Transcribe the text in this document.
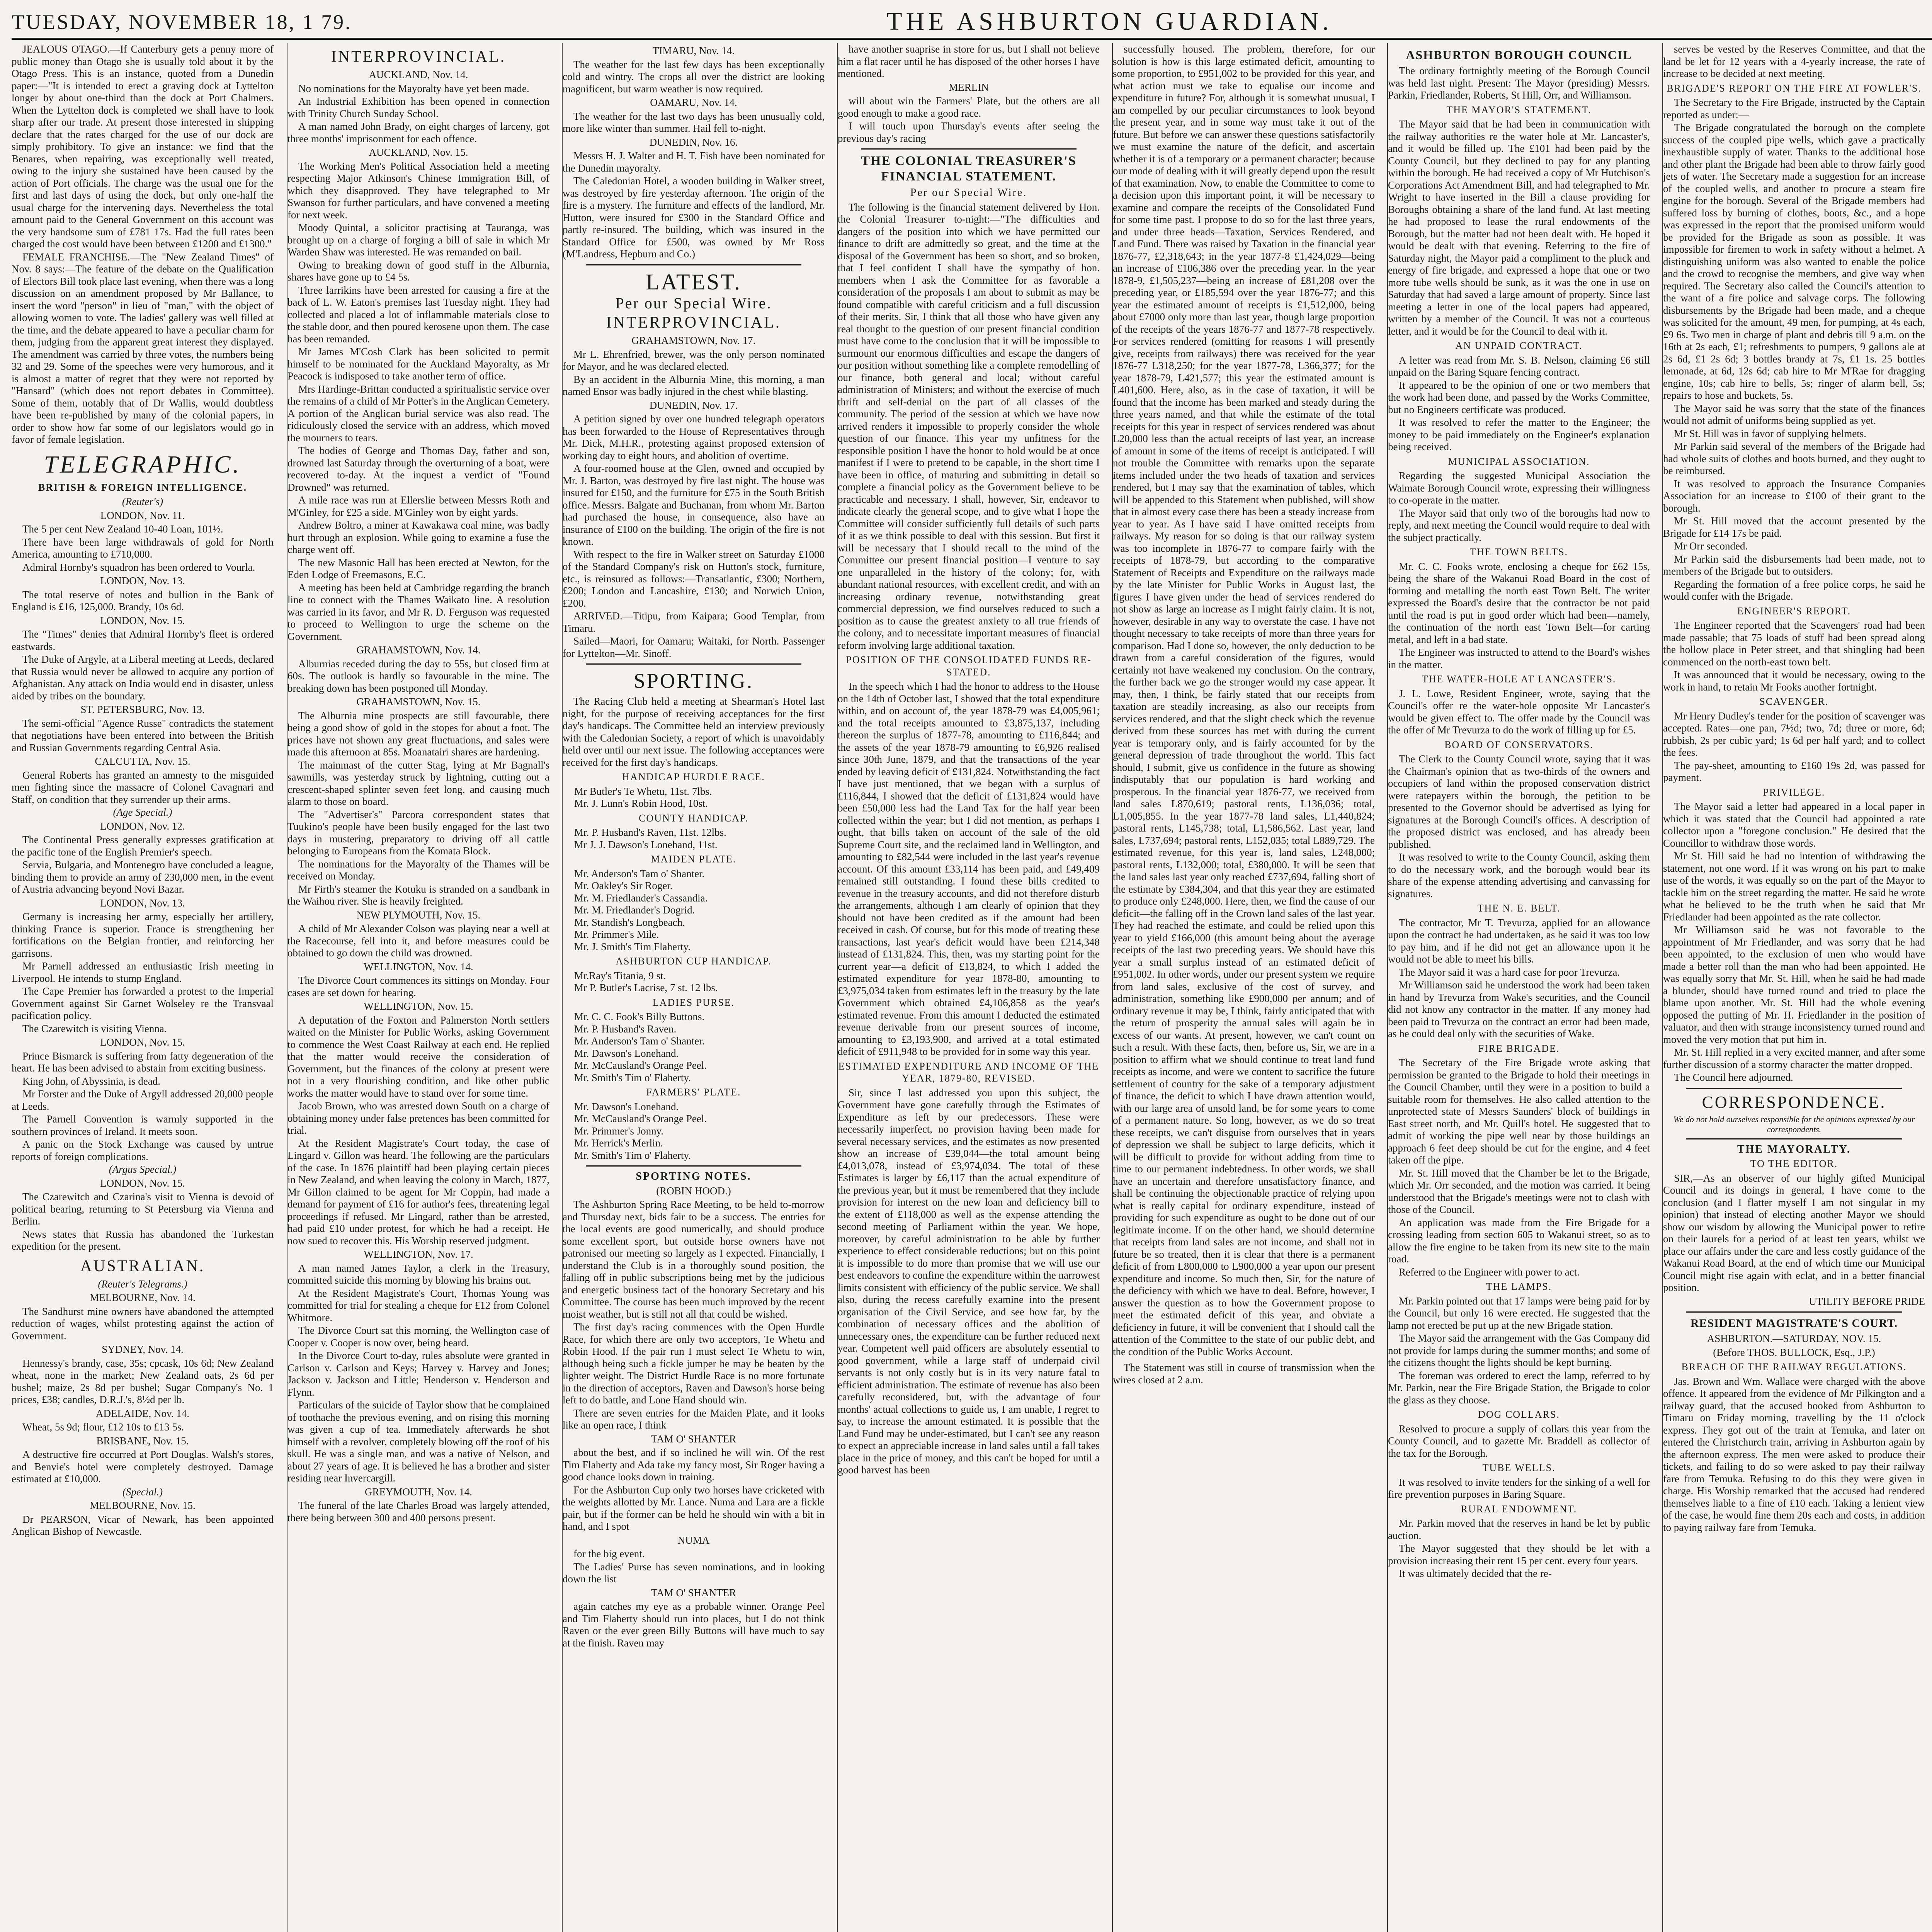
TUESDAY, NOVEMBER 18, 1 79.	THE ASHBURTON GUARDIAN.

JEALOUS OTAGO.—If Canterbury gets a penny more of public money than Otago she is usually told about it by the Otago Press. This is an instance, quoted from a Dunedin paper:—"It is intended to erect a graving dock at Lyttelton longer by about one-third than the dock at Port Chalmers. When the Lyttelton dock is completed we shall have to look sharp after our trade. At present those interested in shipping declare that the rates charged for the use of our dock are simply prohibitory. To give an instance: we find that the Benares, when repairing, was exceptionally well treated, owing to the injury she sustained have been caused by the action of Port officials. The charge was the usual one for the first and last days of using the dock, but only one-half the usual charge for the intervening days. Nevertheless the total amount paid to the General Government on this account was the very handsome sum of £781 17s. Had the full rates been charged the cost would have been between £1200 and £1300."

FEMALE FRANCHISE.—The "New Zealand Times" of Nov. 8 says:—The feature of the debate on the Qualification of Electors Bill took place last evening, when there was a long discussion on an amendment proposed by Mr Ballance, to insert the word "person" in lieu of "man," with the object of allowing women to vote. The ladies' gallery was well filled at the time, and the debate appeared to have a peculiar charm for them, judging from the apparent great interest they displayed. The amendment was carried by three votes, the numbers being 32 and 29. Some of the speeches were very humorous, and it is almost a matter of regret that they were not reported by "Hansard" (which does not report debates in Committee). Some of them, notably that of Dr Wallis, would doubtless have been re-published by many of the colonial papers, in order to show how far some of our legislators would go in favor of female legislation.

TELEGRAPHIC.
BRITISH & FOREIGN INTELLIGENCE.
(Reuter's)
LONDON, Nov. 11.

The 5 per cent New Zealand 10-40 Loan, 101½.

There have been large withdrawals of gold for North America, amounting to £710,000.

Admiral Hornby's squadron has been ordered to Vourla.

LONDON, Nov. 13.

The total reserve of notes and bullion in the Bank of England is £16, 125,000. Brandy, 10s 6d.

LONDON, Nov. 15.

The "Times" denies that Admiral Hornby's fleet is ordered eastwards.

The Duke of Argyle, at a Liberal meeting at Leeds, declared that Russia would never be allowed to acquire any portion of Afghanistan. Any attack on India would end in disaster, unless aided by tribes on the boundary.

ST. PETERSBURG, Nov. 13.

The semi-official "Agence Russe" contradicts the statement that negotiations have been entered into between the British and Russian Governments regarding Central Asia.

CALCUTTA, Nov. 15.

General Roberts has granted an amnesty to the misguided men fighting since the massacre of Colonel Cavagnari and Staff, on condition that they surrender up their arms.

(Age Special.)
LONDON, Nov. 12.

The Continental Press generally expresses gratification at the pacific tone of the English Premier's speech.

Servia, Bulgaria, and Montenegro have concluded a league, binding them to provide an army of 230,000 men, in the event of Austria advancing beyond Novi Bazar.

LONDON, Nov. 13.

Germany is increasing her army, especially her artillery, thinking France is superior. France is strengthening her fortifications on the Belgian frontier, and reinforcing her garrisons.

Mr Parnell addressed an enthusiastic Irish meeting in Liverpool. He intends to stump England.

The Cape Premier has forwarded a protest to the Imperial Government against Sir Garnet Wolseley re the Transvaal pacification policy.

The Czarewitch is visiting Vienna.

LONDON, Nov. 15.

Prince Bismarck is suffering from fatty degeneration of the heart. He has been advised to abstain from exciting business.

King John, of Abyssinia, is dead.

Mr Forster and the Duke of Argyll addressed 20,000 people at Leeds.

The Parnell Convention is warmly supported in the southern provinces of Ireland. It meets soon.

A panic on the Stock Exchange was caused by untrue reports of foreign complications.

(Argus Special.)
LONDON, Nov. 15.

The Czarewitch and Czarina's visit to Vienna is devoid of political bearing, returning to St Petersburg via Vienna and Berlin.

News states that Russia has abandoned the Turkestan expedition for the present.

AUSTRALIAN.
(Reuter's Telegrams.)
MELBOURNE, Nov. 14.

The Sandhurst mine owners have abandoned the attempted reduction of wages, whilst protesting against the action of Government.

SYDNEY, Nov. 14.

Hennessy's brandy, case, 35s; cpcask, 10s 6d; New Zealand wheat, none in the market; New Zealand oats, 2s 6d per bushel; maize, 2s 8d per bushel; Sugar Company's No. 1 prices, £38; candles, D.R.J.'s, 8½d per lb.

ADELAIDE, Nov. 14.

Wheat, 5s 9d; flour, £12 10s to £13 5s.

BRISBANE, Nov. 15.

A destructive fire occurred at Port Douglas. Walsh's stores, and Benvie's hotel were completely destroyed. Damage estimated at £10,000.

(Special.)
MELBOURNE, Nov. 15.

Dr PEARSON, Vicar of Newark, has been appointed Anglican Bishop of Newcastle.

INTERPROVINCIAL.
AUCKLAND, Nov. 14.

No nominations for the Mayoralty have yet been made.

An Industrial Exhibition has been opened in connection with Trinity Church Sunday School.

A man named John Brady, on eight charges of larceny, got three months' imprisonment for each offence.

AUCKLAND, Nov. 15.

The Working Men's Political Association held a meeting respecting Major Atkinson's Chinese Immigration Bill, of which they disapproved. They have telegraphed to Mr Swanson for further particulars, and have convened a meeting for next week.

Moody Quintal, a solicitor practising at Tauranga, was brought up on a charge of forging a bill of sale in which Mr Warden Shaw was interested. He was remanded on bail.

Owing to breaking down of good stuff in the Alburnia, shares have gone up to £4 5s.

Three larrikins have been arrested for causing a fire at the back of L. W. Eaton's premises last Tuesday night. They had collected and placed a lot of inflammable materials close to the stable door, and then poured kerosene upon them. The case has been remanded.

Mr James M'Cosh Clark has been solicited to permit himself to be nominated for the Auckland Mayoralty, as Mr Peacock is indisposed to take another term of office.

Mrs Hardinge-Brittan conducted a spiritualistic service over the remains of a child of Mr Potter's in the Anglican Cemetery. A portion of the Anglican burial service was also read. The ridiculously closed the service with an address, which moved the mourners to tears.

The bodies of George and Thomas Day, father and son, drowned last Saturday through the overturning of a boat, were recovered to-day. At the inquest a verdict of "Found Drowned" was returned.

A mile race was run at Ellerslie between Messrs Roth and M'Ginley, for £25 a side. M'Ginley won by eight yards.

Andrew Boltro, a miner at Kawakawa coal mine, was badly hurt through an explosion. While going to examine a fuse the charge went off.

The new Masonic Hall has been erected at Newton, for the Eden Lodge of Freemasons, E.C.

A meeting has been held at Cambridge regarding the branch line to connect with the Thames Waikato line. A resolution was carried in its favor, and Mr R. D. Ferguson was requested to proceed to Wellington to urge the scheme on the Government.

GRAHAMSTOWN, Nov. 14.

Alburnias receded during the day to 55s, but closed firm at 60s. The outlook is hardly so favourable in the mine. The breaking down has been postponed till Monday.

GRAHAMSTOWN, Nov. 15.

The Alburnia mine prospects are still favourable, there being a good show of gold in the stopes for about a foot. The prices have not shown any great fluctuations, and sales were made this afternoon at 85s. Moanatairi shares are hardening.

The mainmast of the cutter Stag, lying at Mr Bagnall's sawmills, was yesterday struck by lightning, cutting out a crescent-shaped splinter seven feet long, and causing much alarm to those on board.

The "Advertiser's" Parcora correspondent states that Tuukino's people have been busily engaged for the last two days in mustering, preparatory to driving off all cattle belonging to Europeans from the Komata Block.

The nominations for the Mayoralty of the Thames will be received on Monday.

Mr Firth's steamer the Kotuku is stranded on a sandbank in the Waihou river. She is heavily freighted.

NEW PLYMOUTH, Nov. 15.

A child of Mr Alexander Colson was playing near a well at the Racecourse, fell into it, and before measures could be obtained to go down the child was drowned.

WELLINGTON, Nov. 14.

The Divorce Court commences its sittings on Monday. Four cases are set down for hearing.

WELLINGTON, Nov. 15.

A deputation of the Foxton and Palmerston North settlers waited on the Minister for Public Works, asking Government to commence the West Coast Railway at each end. He replied that the matter would receive the consideration of Government, but the finances of the colony at present were not in a very flourishing condition, and like other public works the matter would have to stand over for some time.

Jacob Brown, who was arrested down South on a charge of obtaining money under false pretences has been committed for trial.

At the Resident Magistrate's Court today, the case of Lingard v. Gillon was heard. The following are the particulars of the case. In 1876 plaintiff had been playing certain pieces in New Zealand, and when leaving the colony in March, 1877, Mr Gillon claimed to be agent for Mr Coppin, had made a demand for payment of £16 for author's fees, threatening legal proceedings if refused. Mr Lingard, rather than be arrested, had paid £10 under protest, for which he had a receipt. He now sued to recover this. His Worship reserved judgment.

WELLINGTON, Nov. 17.

A man named James Taylor, a clerk in the Treasury, committed suicide this morning by blowing his brains out.

At the Resident Magistrate's Court, Thomas Young was committed for trial for stealing a cheque for £12 from Colonel Whitmore.

The Divorce Court sat this morning, the Wellington case of Cooper v. Cooper is now over, being heard.

In the Divorce Court to-day, rules absolute were granted in Carlson v. Carlson and Keys; Harvey v. Harvey and Jones; Jackson v. Jackson and Little; Henderson v. Henderson and Flynn.

Particulars of the suicide of Taylor show that he complained of toothache the previous evening, and on rising this morning was given a cup of tea. Immediately afterwards he shot himself with a revolver, completely blowing off the roof of his skull. He was a single man, and was a native of Nelson, and about 27 years of age. It is believed he has a brother and sister residing near Invercargill.

GREYMOUTH, Nov. 14.

The funeral of the late Charles Broad was largely attended, there being between 300 and 400 persons present.

TIMARU, Nov. 14.

The weather for the last few days has been exceptionally cold and wintry. The crops all over the district are looking magnificent, but warm weather is now required.

OAMARU, Nov. 14.

The weather for the last two days has been unusually cold, more like winter than summer. Hail fell to-night.

DUNEDIN, Nov. 16.

Messrs H. J. Walter and H. T. Fish have been nominated for the Dunedin mayoralty.

The Caledonian Hotel, a wooden building in Walker street, was destroyed by fire yesterday afternoon. The origin of the fire is a mystery. The furniture and effects of the landlord, Mr. Hutton, were insured for £300 in the Standard Office and partly re-insured. The building, which was insured in the Standard Office for £500, was owned by Mr Ross (M'Landress, Hepburn and Co.)

LATEST.
Per our Special Wire.
INTERPROVINCIAL.
GRAHAMSTOWN, Nov. 17.

Mr L. Ehrenfried, brewer, was the only person nominated for Mayor, and he was declared elected.

By an accident in the Alburnia Mine, this morning, a man named Ensor was badly injured in the chest while blasting.

DUNEDIN, Nov. 17.

A petition signed by over one hundred telegraph operators has been forwarded to the House of Representatives through Mr. Dick, M.H.R., protesting against proposed extension of working day to eight hours, and abolition of overtime.

A four-roomed house at the Glen, owned and occupied by Mr. J. Barton, was destroyed by fire last night. The house was insured for £150, and the furniture for £75 in the South British office. Messrs. Balgate and Buchanan, from whom Mr. Barton had purchased the house, in consequence, also have an insurance of £100 on the building. The origin of the fire is not known.

With respect to the fire in Walker street on Saturday £1000 of the Standard Company's risk on Hutton's stock, furniture, etc., is reinsured as follows:—Transatlantic, £300; Northern, £200; London and Lancashire, £130; and Norwich Union, £200.

ARRIVED.—Titipu, from Kaipara; Good Templar, from Timaru.

Sailed—Maori, for Oamaru; Waitaki, for North. Passenger for Lyttelton—Mr. Sinoff.

SPORTING.

The Racing Club held a meeting at Shearman's Hotel last night, for the purpose of receiving acceptances for the first day's handicaps. The Committee held an interview previously with the Caledonian Society, a report of which is unavoidably held over until our next issue. The following acceptances were received for the first day's handicaps.

HANDICAP HURDLE RACE.
Mr Butler's Te Whetu, 11st. 7lbs.
Mr. J. Lunn's Robin Hood, 10st.
COUNTY HANDICAP.
Mr. P. Husband's Raven, 11st. 12lbs.
Mr J. J. Dawson's Lonehand, 11st.
MAIDEN PLATE.
Mr. Anderson's Tam o' Shanter.
Mr. Oakley's Sir Roger.
Mr. M. Friedlander's Cassandia.
Mr. M. Friedlander's Dogrid.
Mr. Standish's Longbeach.
Mr. Primmer's Mile.
Mr. J. Smith's Tim Flaherty.
ASHBURTON CUP HANDICAP.
Mr.Ray's Titania, 9 st.
Mr P. Butler's Lacrise, 7 st. 12 lbs.
LADIES PURSE.
Mr. C. C. Fook's Billy Buttons.
Mr. P. Husband's Raven.
Mr. Anderson's Tam o' Shanter.
Mr. Dawson's Lonehand.
Mr. McCausland's Orange Peel.
Mr. Smith's Tim o' Flaherty.
FARMERS' PLATE.
Mr. Dawson's Lonehand.
Mr. McCausland's Orange Peel.
Mr. Primmer's Jonny.
Mr. Herrick's Merlin.
Mr. Smith's Tim o' Flaherty.
SPORTING NOTES.
(ROBIN HOOD.)

The Ashburton Spring Race Meeting, to be held to-morrow and Thursday next, bids fair to be a success. The entries for the local events are good numerically, and should produce some excellent sport, but outside horse owners have not patronised our meeting so largely as I expected. Financially, I understand the Club is in a thoroughly sound position, the falling off in public subscriptions being met by the judicious and energetic business tact of the honorary Secretary and his Committee. The course has been much improved by the recent moist weather, but is still not all that could be wished.

The first day's racing commences with the Open Hurdle Race, for which there are only two acceptors, Te Whetu and Robin Hood. If the pair run I must select Te Whetu to win, although being such a fickle jumper he may be beaten by the lighter weight. The District Hurdle Race is no more fortunate in the direction of acceptors, Raven and Dawson's horse being left to do battle, and Lone Hand should win.

There are seven entries for the Maiden Plate, and it looks like an open race, I think

TAM O' SHANTER

about the best, and if so inclined he will win. Of the rest Tim Flaherty and Ada take my fancy most, Sir Roger having a good chance looks down in training.

For the Ashburton Cup only two horses have cricketed with the weights allotted by Mr. Lance. Numa and Lara are a fickle pair, but if the former can be held he should win with a bit in hand, and I spot

NUMA

for the big event.

The Ladies' Purse has seven nominations, and in looking down the list

TAM O' SHANTER

again catches my eye as a probable winner. Orange Peel and Tim Flaherty should run into places, but I do not think Raven or the ever green Billy Buttons will have much to say at the finish. Raven may

have another suaprise in store for us, but I shall not believe him a flat racer until he has disposed of the other horses I have mentioned.

MERLIN

will about win the Farmers' Plate, but the others are all good enough to make a good race.

I will touch upon Thursday's events after seeing the previous day's racing

THE COLONIAL TREASURER'S FINANCIAL STATEMENT.
Per our Special Wire.

The following is the financial statement delivered by Hon. the Colonial Treasurer to-night:—"The difficulties and dangers of the position into which we have permitted our finance to drift are admittedly so great, and the time at the disposal of the Government has been so short, and so broken, that I feel confident I shall have the sympathy of hon. members when I ask the Committee for as favorable a consideration of the proposals I am about to submit as may be found compatible with careful criticism and a full discussion of their merits. Sir, I think that all those who have given any real thought to the question of our present financial condition must have come to the conclusion that it will be impossible to surmount our enormous difficulties and escape the dangers of our position without something like a complete remodelling of our finance, both general and local; without careful administration of Ministers; and without the exercise of much thrift and self-denial on the part of all classes of the community. The period of the session at which we have now arrived renders it impossible to properly consider the whole question of our finance. This year my unfitness for the responsible position I have the honor to hold would be at once manifest if I were to pretend to be capable, in the short time I have been in office, of maturing and submitting in detail so complete a financial policy as the Government believe to be practicable and necessary. I shall, however, Sir, endeavor to indicate clearly the general scope, and to give what I hope the Committee will consider sufficiently full details of such parts of it as we think possible to deal with this session. But first it will be necessary that I should recall to the mind of the Committee our present financial position—I venture to say one unparalleled in the history of the colony; for, with abundant national resources, with excellent credit, and with an increasing ordinary revenue, notwithstanding great commercial depression, we find ourselves reduced to such a position as to cause the greatest anxiety to all true friends of the colony, and to necessitate important measures of financial reform involving large additional taxation.

POSITION OF THE CONSOLIDATED FUNDS RE-STATED.

In the speech which I had the honor to address to the House on the 14th of October last, I showed that the total expenditure within, and on account of, the year 1878-79 was £4,005,961; and the total receipts amounted to £3,875,137, including thereon the surplus of 1877-78, amounting to £116,844; and the assets of the year 1878-79 amounting to £6,926 realised since 30th June, 1879, and that the transactions of the year ended by leaving deficit of £131,824. Notwithstanding the fact I have just mentioned, that we began with a surplus of £116,844, I showed that the deficit of £131,824 would have been £50,000 less had the Land Tax for the half year been collected within the year; but I did not mention, as perhaps I ought, that bills taken on account of the sale of the old Supreme Court site, and the reclaimed land in Wellington, and amounting to £82,544 were included in the last year's revenue account. Of this amount £33,114 has been paid, and £49,409 remained still outstanding. I found these bills credited to revenue in the treasury accounts, and did not therefore disturb the arrangements, although I am clearly of opinion that they should not have been credited as if the amount had been received in cash. Of course, but for this mode of treating these transactions, last year's deficit would have been £214,348 instead of £131,824. This, then, was my starting point for the current year—a deficit of £13,824, to which I added the estimated expenditure for year 1878-80, amounting to £3,975,034 taken from estimates left in the treasury by the late Government which obtained £4,106,858 as the year's estimated revenue. From this amount I deducted the estimated revenue derivable from our present sources of income, amounting to £3,193,900, and arrived at a total estimated deficit of £911,948 to be provided for in some way this year.

ESTIMATED EXPENDITURE AND INCOME OF THE YEAR, 1879-80, REVISED.

Sir, since I last addressed you upon this subject, the Government have gone carefully through the Estimates of Expenditure as left by our predecessors. These were necessarily imperfect, no provision having been made for several necessary services, and the estimates as now presented show an increase of £39,044—the total amount being £4,013,078, instead of £3,974,034. The total of these Estimates is larger by £6,117 than the actual expenditure of the previous year, but it must be remembered that they include provision for interest on the new loan and deficiency bill to the extent of £118,000 as well as the expense attending the second meeting of Parliament within the year. We hope, moreover, by careful administration to be able by further experience to effect considerable reductions; but on this point it is impossible to do more than promise that we will use our best endeavors to confine the expenditure within the narrowest limits consistent with efficiency of the public service. We shall also, during the recess carefully examine into the present organisation of the Civil Service, and see how far, by the combination of necessary offices and the abolition of unnecessary ones, the expenditure can be further reduced next year. Competent well paid officers are absolutely essential to good government, while a large staff of underpaid civil servants is not only costly but is in its very nature fatal to efficient administration. The estimate of revenue has also been carefully reconsidered, but, with the advantage of four months' actual collections to guide us, I am unable, I regret to say, to increase the amount estimated. It is possible that the Land Fund may be under-estimated, but I can't see any reason to expect an appreciable increase in land sales until a fall takes place in the price of money, and this can't be hoped for until a good harvest has been

successfully housed. The problem, therefore, for our solution is how is this large estimated deficit, amounting to some proportion, to £951,002 to be provided for this year, and what action must we take to equalise our income and expenditure in future? For, although it is somewhat unusual, I am compelled by our peculiar circumstances to look beyond the present year, and in some way must take it out of the future. But before we can answer these questions satisfactorily we must examine the nature of the deficit, and ascertain whether it is of a temporary or a permanent character; because our mode of dealing with it will greatly depend upon the result of that examination. Now, to enable the Committee to come to a decision upon this important point, it will be necessary to examine and compare the receipts of the Consolidated Fund for some time past. I propose to do so for the last three years, and under three heads—Taxation, Services Rendered, and Land Fund. There was raised by Taxation in the financial year 1876-77, £2,318,643; in the year 1877-8 £1,424,029—being an increase of £106,386 over the preceding year. In the year 1878-9, £1,505,237—being an increase of £81,208 over the preceding year, or £185,594 over the year 1876-77; and this year the estimated amount of receipts is £1,512,000, being about £7000 only more than last year, though large proportion of the receipts of the years 1876-77 and 1877-78 respectively. For services rendered (omitting for reasons I will presently give, receipts from railways) there was received for the year 1876-77 L318,250; for the year 1877-78, L366,377; for the year 1878-79, L421,577; this year the estimated amount is L401,600. Here, also, as in the case of taxation, it will be found that the income has been marked and steady during the three years named, and that while the estimate of the total receipts for this year in respect of services rendered was about L20,000 less than the actual receipts of last year, an increase of amount in some of the items of receipt is anticipated. I will not trouble the Committee with remarks upon the separate items included under the two heads of taxation and services rendered, but I may say that the examination of tables, which will be appended to this Statement when published, will show that in almost every case there has been a steady increase from year to year. As I have said I have omitted receipts from railways. My reason for so doing is that our railway system was too incomplete in 1876-77 to compare fairly with the receipts of 1878-79, but according to the comparative Statement of Receipts and Expenditure on the railways made by the late Minister for Public Works in August last, the figures I have given under the head of services rendered do not show as large an increase as I might fairly claim. It is not, however, desirable in any way to overstate the case. I have not thought necessary to take receipts of more than three years for comparison. Had I done so, however, the only deduction to be drawn from a careful consideration of the figures, would certainly not have weakened my conclusion. On the contrary, the further back we go the stronger would my case appear. It may, then, I think, be fairly stated that our receipts from taxation are steadily increasing, as also our receipts from services rendered, and that the slight check which the revenue derived from these sources has met with during the current year is temporary only, and is fairly accounted for by the general depression of trade throughout the world. This fact should, I submit, give us confidence in the future as showing indisputably that our population is hard working and prosperous. In the financial year 1876-77, we received from land sales L870,619; pastoral rents, L136,036; total, L1,005,855. In the year 1877-78 land sales, L1,440,824; pastoral rents, L145,738; total, L1,586,562. Last year, land sales, L737,694; pastoral rents, L152,035; total L889,729. The estimated revenue, for this year is, land sales, L248,000; pastoral rents, L132,000; total, £380,000. It will be seen that the land sales last year only reached £737,694, falling short of the estimate by £384,304, and that this year they are estimated to produce only £248,000. Here, then, we find the cause of our deficit—the falling off in the Crown land sales of the last year. They had reached the estimate, and could be relied upon this year to yield £166,000 (this amount being about the average receipts of the last two preceding years. We should have this year a small surplus instead of an estimated deficit of £951,002. In other words, under our present system we require from land sales, exclusive of the cost of survey, and administration, something like £900,000 per annum; and of ordinary revenue it may be, I think, fairly anticipated that with the return of prosperity the annual sales will again be in excess of our wants. At present, however, we can't count on such a result. With these facts, then, before us, Sir, we are in a position to affirm what we should continue to treat land fund receipts as income, and were we content to sacrifice the future settlement of country for the sake of a temporary adjustment of finance, the deficit to which I have drawn attention would, with our large area of unsold land, be for some years to come of a permanent nature. So long, however, as we do so treat these receipts, we can't disguise from ourselves that in years of depression we shall be subject to large deficits, which it will be difficult to provide for without adding from time to time to our permanent indebtedness. In other words, we shall have an uncertain and therefore unsatisfactory finance, and shall be continuing the objectionable practice of relying upon what is really capital for ordinary expenditure, instead of providing for such expenditure as ought to be done out of our legitimate income. If on the other hand, we should determine that receipts from land sales are not income, and shall not in future be so treated, then it is clear that there is a permanent deficit of from L800,000 to L900,000 a year upon our present expenditure and income. So much then, Sir, for the nature of the deficiency with which we have to deal. Before, however, I answer the question as to how the Government propose to meet the estimated deficit of this year, and obviate a deficiency in future, it will be convenient that I should call the attention of the Committee to the state of our public debt, and the condition of the Public Works Account.

The Statement was still in course of transmission when the wires closed at 2 a.m.

ASHBURTON BOROUGH COUNCIL

The ordinary fortnightly meeting of the Borough Council was held last night. Present: The Mayor (presiding) Messrs. Parkin, Friedlander, Roberts, St Hill, Orr, and Williamson.

THE MAYOR'S STATEMENT.

The Mayor said that he had been in communication with the railway authorities re the water hole at Mr. Lancaster's, and it would be filled up. The £101 had been paid by the County Council, but they declined to pay for any planting within the borough. He had received a copy of Mr Hutchison's Corporations Act Amendment Bill, and had telegraphed to Mr. Wright to have inserted in the Bill a clause providing for Boroughs obtaining a share of the land fund. At last meeting he had proposed to lease the rural endowments of the Borough, but the matter had not been dealt with. He hoped it would be dealt with that evening. Referring to the fire of Saturday night, the Mayor paid a compliment to the pluck and energy of fire brigade, and expressed a hope that one or two more tube wells should be sunk, as it was the one in use on Saturday that had saved a large amount of property. Since last meeting a letter in one of the local papers had appeared, written by a member of the Council. It was not a courteous letter, and it would be for the Council to deal with it.

AN UNPAID CONTRACT.

A letter was read from Mr. S. B. Nelson, claiming £6 still unpaid on the Baring Square fencing contract.

It appeared to be the opinion of one or two members that the work had been done, and passed by the Works Committee, but no Engineers certificate was produced.

It was resolved to refer the matter to the Engineer; the money to be paid immediately on the Engineer's explanation being received.

MUNICIPAL ASSOCIATION.

Regarding the suggested Municipal Association the Waimate Borough Council wrote, expressing their willingness to co-operate in the matter.

The Mayor said that only two of the boroughs had now to reply, and next meeting the Council would require to deal with the subject practically.

THE TOWN BELTS.

Mr. C. C. Fooks wrote, enclosing a cheque for £62 15s, being the share of the Wakanui Road Board in the cost of forming and metalling the north east Town Belt. The writer expressed the Board's desire that the contractor be not paid until the road is put in good order which had been—namely, the continuation of the north east Town Belt—for carting metal, and left in a bad state.

The Engineer was instructed to attend to the Board's wishes in the matter.

THE WATER-HOLE AT LANCASTER'S.

J. L. Lowe, Resident Engineer, wrote, saying that the Council's offer re the water-hole opposite Mr Lancaster's would be given effect to. The offer made by the Council was the offer of Mr Trevurza to do the work of filling up for £5.

BOARD OF CONSERVATORS.

The Clerk to the County Council wrote, saying that it was the Chairman's opinion that as two-thirds of the owners and occupiers of land within the proposed conservation district were ratepayers within the borough, the petition to be presented to the Governor should be advertised as lying for signatures at the Borough Council's offices. A description of the proposed district was enclosed, and has already been published.

It was resolved to write to the County Council, asking them to do the necessary work, and the borough would bear its share of the expense attending advertising and canvassing for signatures.

THE N. E. BELT.

The contractor, Mr T. Trevurza, applied for an allowance upon the contract he had undertaken, as he said it was too low to pay him, and if he did not get an allowance upon it he would not be able to meet his bills.

The Mayor said it was a hard case for poor Trevurza.

Mr Williamson said he understood the work had been taken in hand by Trevurza from Wake's securities, and the Council did not know any contractor in the matter. If any money had been paid to Trevurza on the contract an error had been made, as he could deal only with the securities of Wake.

FIRE BRIGADE.

The Secretary of the Fire Brigade wrote asking that permission be granted to the Brigade to hold their meetings in the Council Chamber, until they were in a position to build a suitable room for themselves. He also called attention to the unprotected state of Messrs Saunders' block of buildings in East street north, and Mr. Quill's hotel. He suggested that to admit of working the pipe well near by those buildings an approach 6 feet deep should be cut for the engine, and 4 feet taken off the pipe.

Mr. St. Hill moved that the Chamber be let to the Brigade, which Mr. Orr seconded, and the motion was carried. It being understood that the Brigade's meetings were not to clash with those of the Council.

An application was made from the Fire Brigade for a crossing leading from section 605 to Wakanui street, so as to allow the fire engine to be taken from its new site to the main road.

Referred to the Engineer with power to act.

THE LAMPS.

Mr. Parkin pointed out that 17 lamps were being paid for by the Council, but only 16 were erected. He suggested that the lamp not erected be put up at the new Brigade station.

The Mayor said the arrangement with the Gas Company did not provide for lamps during the summer months; and some of the citizens thought the lights should be kept burning.

The foreman was ordered to erect the lamp, referred to by Mr. Parkin, near the Fire Brigade Station, the Brigade to color the glass as they choose.

DOG COLLARS.

Resolved to procure a supply of collars this year from the County Council, and to gazette Mr. Braddell as collector of the tax for the Borough.

TUBE WELLS.

It was resolved to invite tenders for the sinking of a well for fire prevention purposes in Baring Square.

RURAL ENDOWMENT.

Mr. Parkin moved that the reserves in hand be let by public auction.

The Mayor suggested that they should be let with a provision increasing their rent 15 per cent. every four years.

It was ultimately decided that the re-

serves be vested by the Reserves Committee, and that the land be let for 12 years with a 4-yearly increase, the rate of increase to be decided at next meeting.

BRIGADE'S REPORT ON THE FIRE AT FOWLER'S.

The Secretary to the Fire Brigade, instructed by the Captain reported as under:—

The Brigade congratulated the borough on the complete success of the coupled pipe wells, which gave a practically inexhaustible supply of water. Thanks to the additional hose and other plant the Brigade had been able to throw fairly good jets of water. The Secretary made a suggestion for an increase of the coupled wells, and another to procure a steam fire engine for the borough. Several of the Brigade members had suffered loss by burning of clothes, boots, &c., and a hope was expressed in the report that the promised uniform would be provided for the Brigade as soon as possible. It was impossible for firemen to work in safety without a helmet. A distinguishing uniform was also wanted to enable the police and the crowd to recognise the members, and give way when required. The Secretary also called the Council's attention to the want of a fire police and salvage corps. The following disbursements by the Brigade had been made, and a cheque was solicited for the amount, 49 men, for pumping, at 4s each, £9 6s. Two men in charge of plant and debris till 9 a.m. on the 16th at 2s each, £1; refreshments to pumpers, 9 gallons ale at 2s 6d, £1 2s 6d; 3 bottles brandy at 7s, £1 1s. 25 bottles lemonade, at 6d, 12s 6d; cab hire to Mr M'Rae for dragging engine, 10s; cab hire to bells, 5s; ringer of alarm bell, 5s; repairs to hose and buckets, 5s.

The Mayor said he was sorry that the state of the finances would not admit of uniforms being supplied as yet.

Mr St. Hill was in favor of supplying helmets.

Mr Parkin said several of the members of the Brigade had had whole suits of clothes and boots burned, and they ought to be reimbursed.

It was resolved to approach the Insurance Companies Association for an increase to £100 of their grant to the borough.

Mr St. Hill moved that the account presented by the Brigade for £14 17s be paid.

Mr Orr seconded.

Mr Parkin said the disbursements had been made, not to members of the Brigade but to outsiders.

Regarding the formation of a free police corps, he said he would confer with the Brigade.

ENGINEER'S REPORT.

The Engineer reported that the Scavengers' road had been made passable; that 75 loads of stuff had been spread along the hollow place in Peter street, and that shingling had been commenced on the north-east town belt.

It was announced that it would be necessary, owing to the work in hand, to retain Mr Fooks another fortnight.

SCAVENGER.

Mr Henry Dudley's tender for the position of scavenger was accepted. Rates—one pan, 7½d; two, 7d; three or more, 6d; rubbish, 2s per cubic yard; 1s 6d per half yard; and to collect the fees.

The pay-sheet, amounting to £160 19s 2d, was passed for payment.

PRIVILEGE.

The Mayor said a letter had appeared in a local paper in which it was stated that the Council had appointed a rate collector upon a "foregone conclusion." He desired that the Councillor to withdraw those words.

Mr St. Hill said he had no intention of withdrawing the statement, not one word. If it was wrong on his part to make use of the words, it was equally so on the part of the Mayor to tackle him on the street regarding the matter. He said he wrote what he believed to be the truth when he said that Mr Friedlander had been appointed as the rate collector.

Mr Williamson said he was not favorable to the appointment of Mr Friedlander, and was sorry that he had been appointed, to the exclusion of men who would have made a better roll than the man who had been appointed. He was equally sorry that Mr. St. Hill, when he said he had made a blunder, should have turned round and tried to place the blame upon another. Mr. St. Hill had the whole evening opposed the putting of Mr. H. Friedlander in the position of valuator, and then with strange inconsistency turned round and moved the very motion that put him in.

Mr. St. Hill replied in a very excited manner, and after some further discussion of a stormy character the matter dropped.

The Council here adjourned.

CORRESPONDENCE.
We do not hold ourselves responsible for the opinions expressed by our correspondents.
THE MAYORALTY.
TO THE EDITOR.

SIR,—As an observer of our highly gifted Municipal Council and its doings in general, I have come to the conclusion (and I flatter myself I am not singular in my opinion) that instead of electing another Mayor we should show our wisdom by allowing the Municipal power to retire on their laurels for a period of at least ten years, whilst we place our affairs under the care and less costly guidance of the Wakanui Road Board, at the end of which time our Municipal Council might rise again with eclat, and in a better financial position.

UTILITY BEFORE PRIDE
RESIDENT MAGISTRATE'S COURT.
ASHBURTON.—SATURDAY, NOV. 15.
(Before THOS. BULLOCK, Esq., J.P.)
BREACH OF THE RAILWAY REGULATIONS.

Jas. Brown and Wm. Wallace were charged with the above offence. It appeared from the evidence of Mr Pilkington and a railway guard, that the accused booked from Ashburton to Timaru on Friday morning, travelling by the 11 o'clock express. They got out of the train at Temuka, and later on entered the Christchurch train, arriving in Ashburton again by the afternoon express. The men were asked to produce their tickets, and failing to do so were asked to pay their railway fare from Temuka. Refusing to do this they were given in charge. His Worship remarked that the accused had rendered themselves liable to a fine of £10 each. Taking a lenient view of the case, he would fine them 20s each and costs, in addition to paying railway fare from Temuka.
